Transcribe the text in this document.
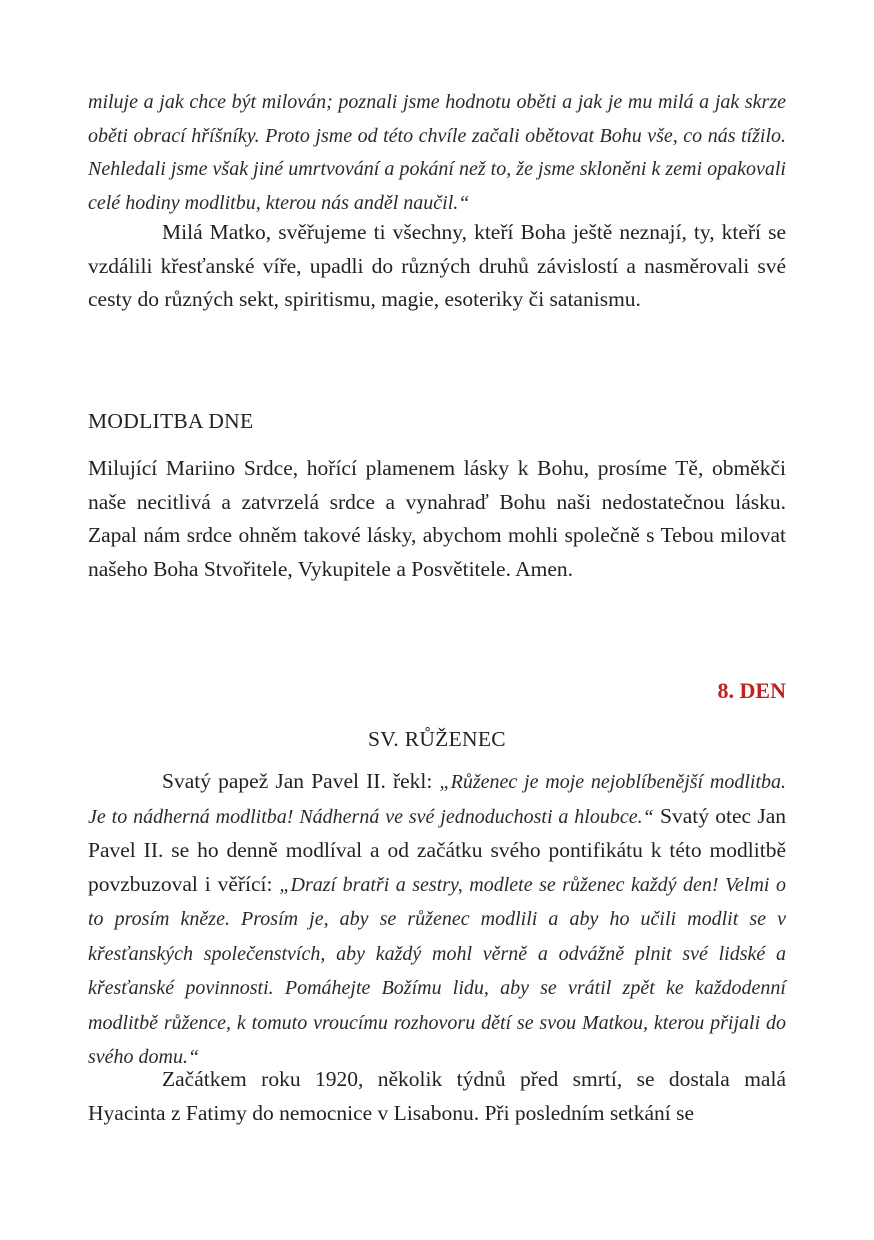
miluje a jak chce být milován; poznali jsme hodnotu oběti a jak je mu milá a jak skrze oběti obrací hříšníky. Proto jsme od této chvíle začali obětovat Bohu vše, co nás tížilo. Nehledali jsme však jiné umrtvování a pokání než to, že jsme skloněni k zemi opakovali celé hodiny modlitbu, kterou nás anděl naučil.“

Milá Matko, svěřujeme ti všechny, kteří Boha ještě neznají, ty, kteří se vzdálili křesťanské víře, upadli do různých druhů závislostí a nasměrovali své cesty do různých sekt, spiritismu, magie, esoteriky či satanismu.

MODLITBA DNE

Milující Mariino Srdce, hořící plamenem lásky k Bohu, prosíme Tě, obměkči naše necitlivá a zatvrzelá srdce a vynahraď Bohu naši nedostatečnou lásku. Zapal nám srdce ohněm takové lásky, abychom mohli společně s Tebou milovat našeho Boha Stvořitele, Vykupitele a Posvětitele. Amen.

8. DEN
SV. RŮŽENEC

Svatý papež Jan Pavel II. řekl: „Růženec je moje nejoblíbenější modlitba. Je to nádherná modlitba! Nádherná ve své jednoduchosti a hloubce.“ Svatý otec Jan Pavel II. se ho denně modlíval a od začátku svého pontifikátu k této modlitbě povzbuzoval i věřící: „Drazí bratři a sestry, modlete se růženec každý den! Velmi o to prosím kněze. Prosím je, aby se růženec modlili a aby ho učili modlit se v křesťanských společenstvích, aby každý mohl věrně a odvážně plnit své lidské a křesťanské povinnosti. Pomáhejte Božímu lidu, aby se vrátil zpět ke každodenní modlitbě růžence, k tomuto vroucímu rozhovoru dětí se svou Matkou, kterou přijali do svého domu.“

Začátkem roku 1920, několik týdnů před smrtí, se dostala malá Hyacinta z Fatimy do nemocnice v Lisabonu. Při posledním setkání se
